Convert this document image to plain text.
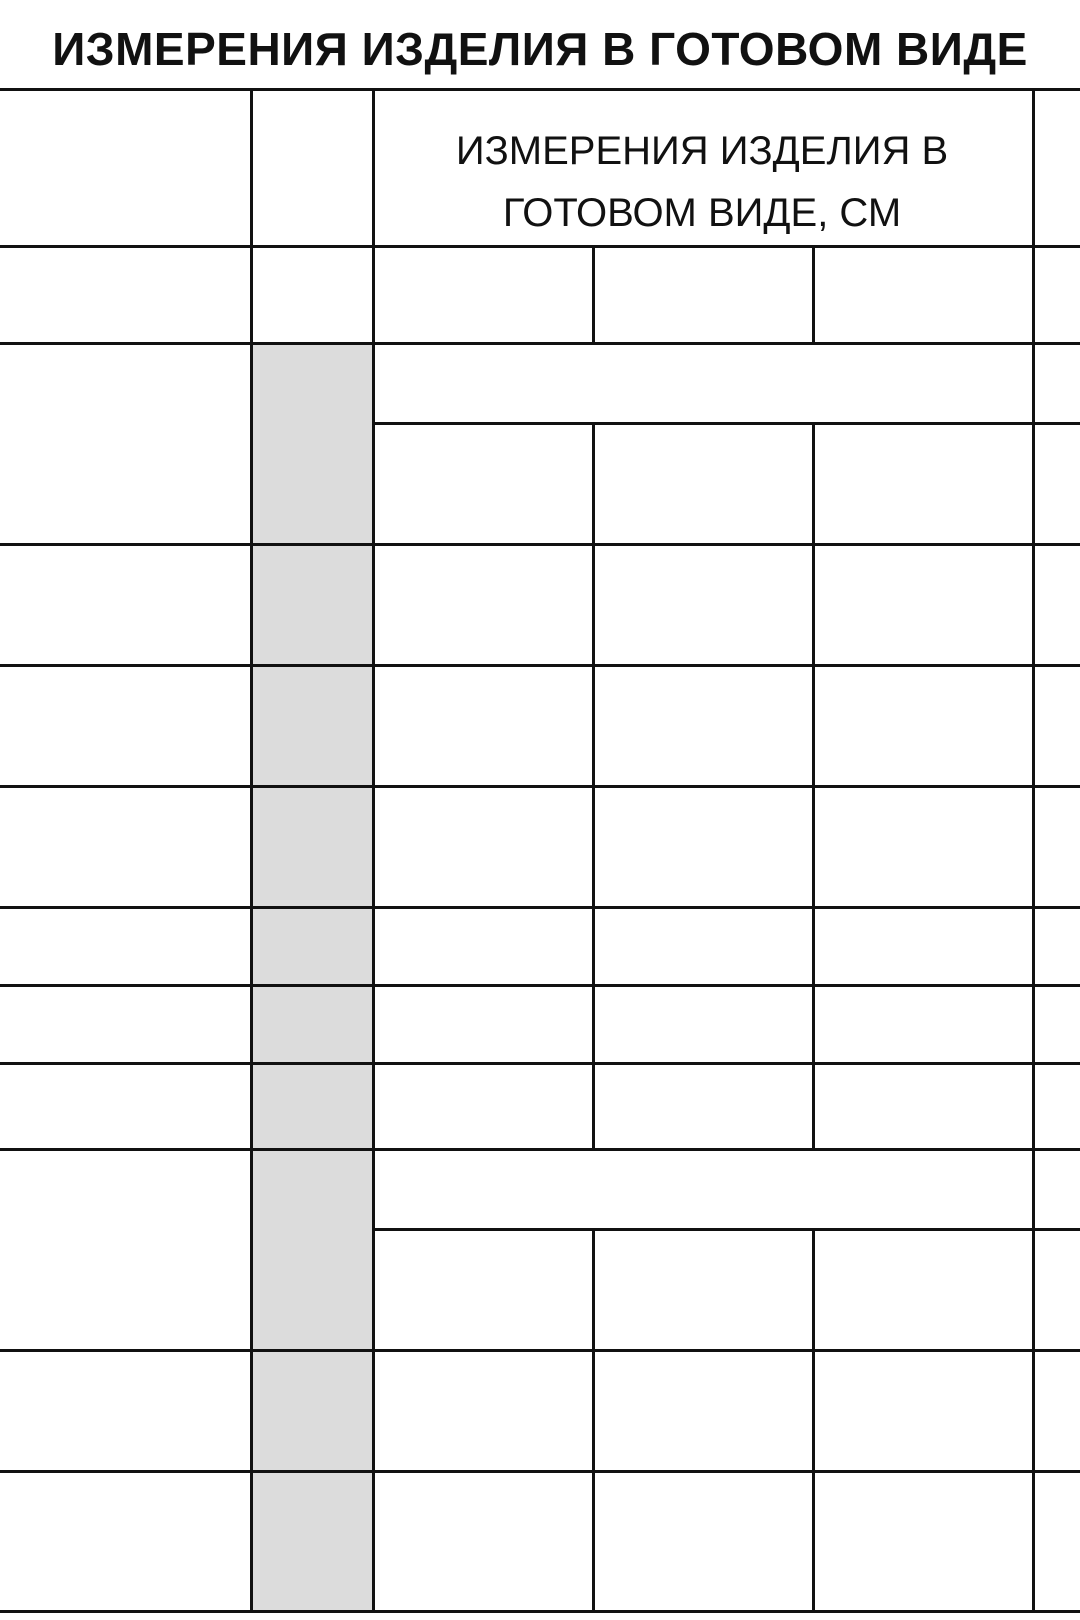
ИЗМЕРЕНИЯ ИЗДЕЛИЯ В ГОТОВОМ ВИДЕ
ИЗМЕРЕНИЯ ИЗДЕЛИЯ В
ГОТОВОМ ВИДЕ, СМ
